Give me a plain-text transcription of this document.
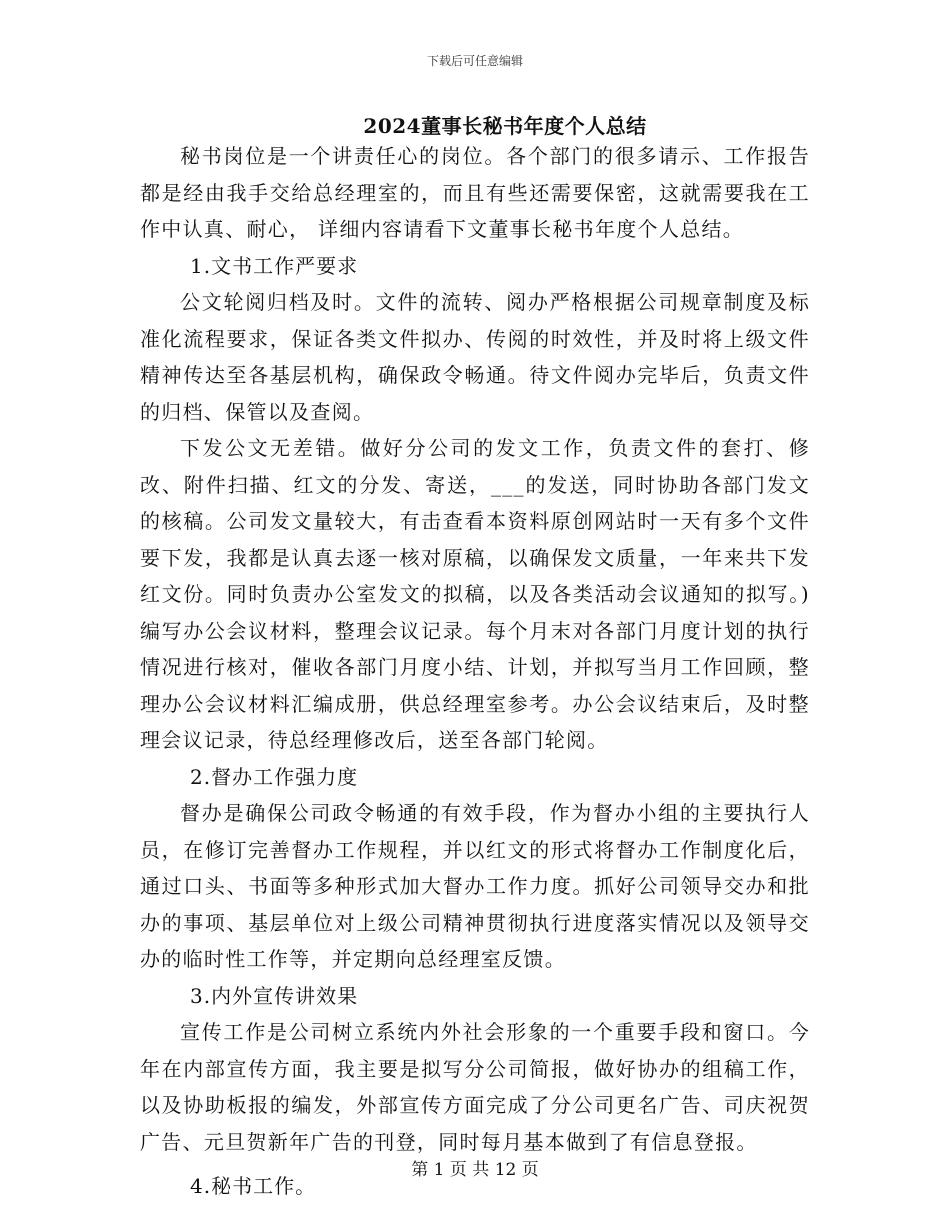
下载后可任意编辑
2024董事长秘书年度个人总结

秘书岗位是一个讲责任心的岗位。各个部门的很多请示、工作报告都是经由我手交给总经理室的，而且有些还需要保密，这就需要我在工作中认真、耐心， 详细内容请看下文董事长秘书年度个人总结。

1.文书工作严要求

公文轮阅归档及时。文件的流转、阅办严格根据公司规章制度及标准化流程要求，保证各类文件拟办、传阅的时效性，并及时将上级文件精神传达至各基层机构，确保政令畅通。待文件阅办完毕后，负责文件的归档、保管以及查阅。

下发公文无差错。做好分公司的发文工作，负责文件的套打、修改、附件扫描、红文的分发、寄送，___的发送，同时协助各部门发文的核稿。公司发文量较大，有击查看本资料原创网站时一天有多个文件要下发，我都是认真去逐一核对原稿，以确保发文质量，一年来共下发红文份。同时负责办公室发文的拟稿，以及各类活动会议通知的拟写。)编写办公会议材料，整理会议记录。每个月末对各部门月度计划的执行情况进行核对，催收各部门月度小结、计划，并拟写当月工作回顾，整理办公会议材料汇编成册，供总经理室参考。办公会议结束后，及时整理会议记录，待总经理修改后，送至各部门轮阅。

2.督办工作强力度

督办是确保公司政令畅通的有效手段，作为督办小组的主要执行人员，在修订完善督办工作规程，并以红文的形式将督办工作制度化后，通过口头、书面等多种形式加大督办工作力度。抓好公司领导交办和批办的事项、基层单位对上级公司精神贯彻执行进度落实情况以及领导交办的临时性工作等，并定期向总经理室反馈。

3.内外宣传讲效果

宣传工作是公司树立系统内外社会形象的一个重要手段和窗口。今年在内部宣传方面，我主要是拟写分公司简报，做好协办的组稿工作，以及协助板报的编发，外部宣传方面完成了分公司更名广告、司庆祝贺广告、元旦贺新年广告的刊登，同时每月基本做到了有信息登报。

4.秘书工作。

第 1 页 共 12 页
